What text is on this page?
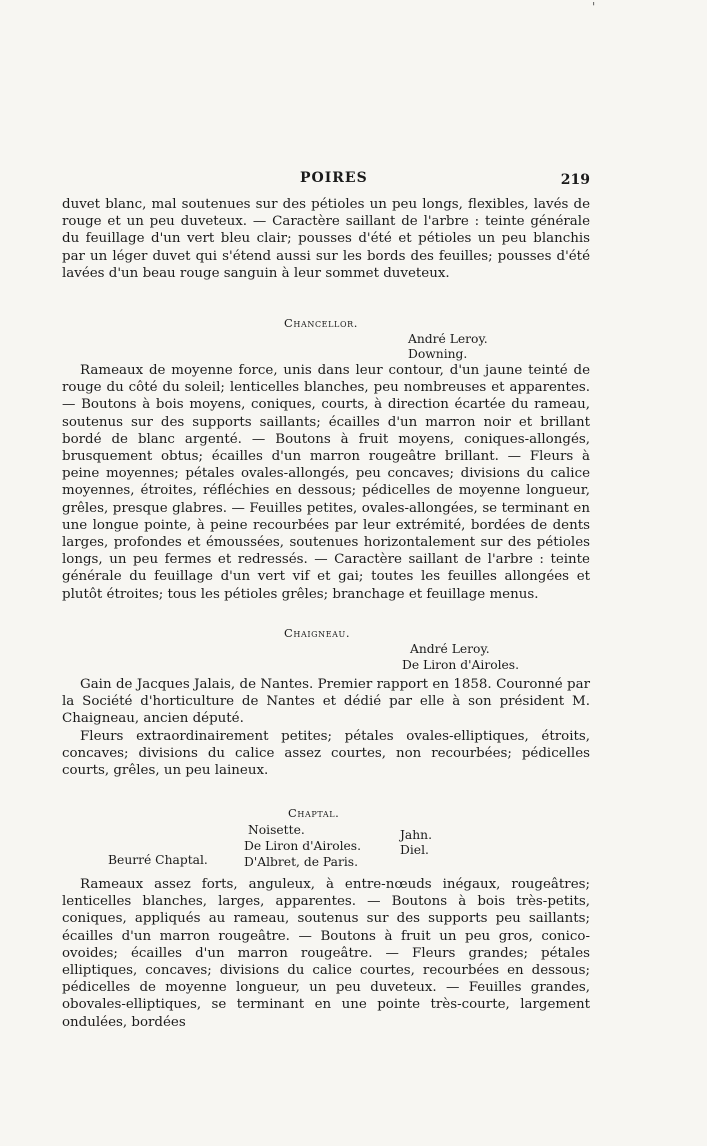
'
POIRES	219

duvet blanc, mal soutenues sur des pétioles un peu longs, flexibles, lavés de rouge et un peu duveteux. — Caractère saillant de l'arbre : teinte générale du feuillage d'un vert bleu clair; pousses d'été et pétioles un peu blanchis par un léger duvet qui s'étend aussi sur les bords des feuilles; pousses d'été lavées d'un beau rouge sanguin à leur sommet duveteux.

Chancellor.
André Leroy.
Downing.

Rameaux de moyenne force, unis dans leur contour, d'un jaune teinté de rouge du côté du soleil; lenticelles blanches, peu nombreuses et apparentes. — Boutons à bois moyens, coniques, courts, à direction écartée du rameau, soutenus sur des supports saillants; écailles d'un marron noir et brillant bordé de blanc argenté. — Boutons à fruit moyens, coniques-allongés, brusquement obtus; écailles d'un marron rougeâtre brillant. — Fleurs à peine moyennes; pétales ovales-allongés, peu concaves; divisions du calice moyennes, étroites, réfléchies en dessous; pédicelles de moyenne longueur, grêles, presque glabres. — Feuilles petites, ovales-allongées, se terminant en une longue pointe, à peine recourbées par leur extrémité, bordées de dents larges, profondes et émoussées, soutenues horizontalement sur des pétioles longs, un peu fermes et redressés. — Caractère saillant de l'arbre : teinte générale du feuillage d'un vert vif et gai; toutes les feuilles allongées et plutôt étroites; tous les pétioles grêles; branchage et feuillage menus.

Chaigneau.
André Leroy.
De Liron d'Airoles.

Gain de Jacques Jalais, de Nantes. Premier rapport en 1858. Couronné par la Société d'horticulture de Nantes et dédié par elle à son président M. Chaigneau, ancien député.

Fleurs extraordinairement petites; pétales ovales-elliptiques, étroits, concaves; divisions du calice assez courtes, non recourbées; pédicelles courts, grêles, un peu laineux.

Chaptal.
Noisette.
De Liron d'Airoles.
D'Albret, de Paris.
Jahn.
Diel.
Beurré Chaptal.

Rameaux assez forts, anguleux, à entre-nœuds inégaux, rougeâtres; lenticelles blanches, larges, apparentes. — Boutons à bois très-petits, coniques, appliqués au rameau, soutenus sur des supports peu saillants; écailles d'un marron rougeâtre. — Boutons à fruit un peu gros, conico-ovoides; écailles d'un marron rougeâtre. — Fleurs grandes; pétales elliptiques, concaves; divisions du calice courtes, recourbées en dessous; pédicelles de moyenne longueur, un peu duveteux. — Feuilles grandes, obovales-elliptiques, se terminant en une pointe très-courte, largement ondulées, bordées
